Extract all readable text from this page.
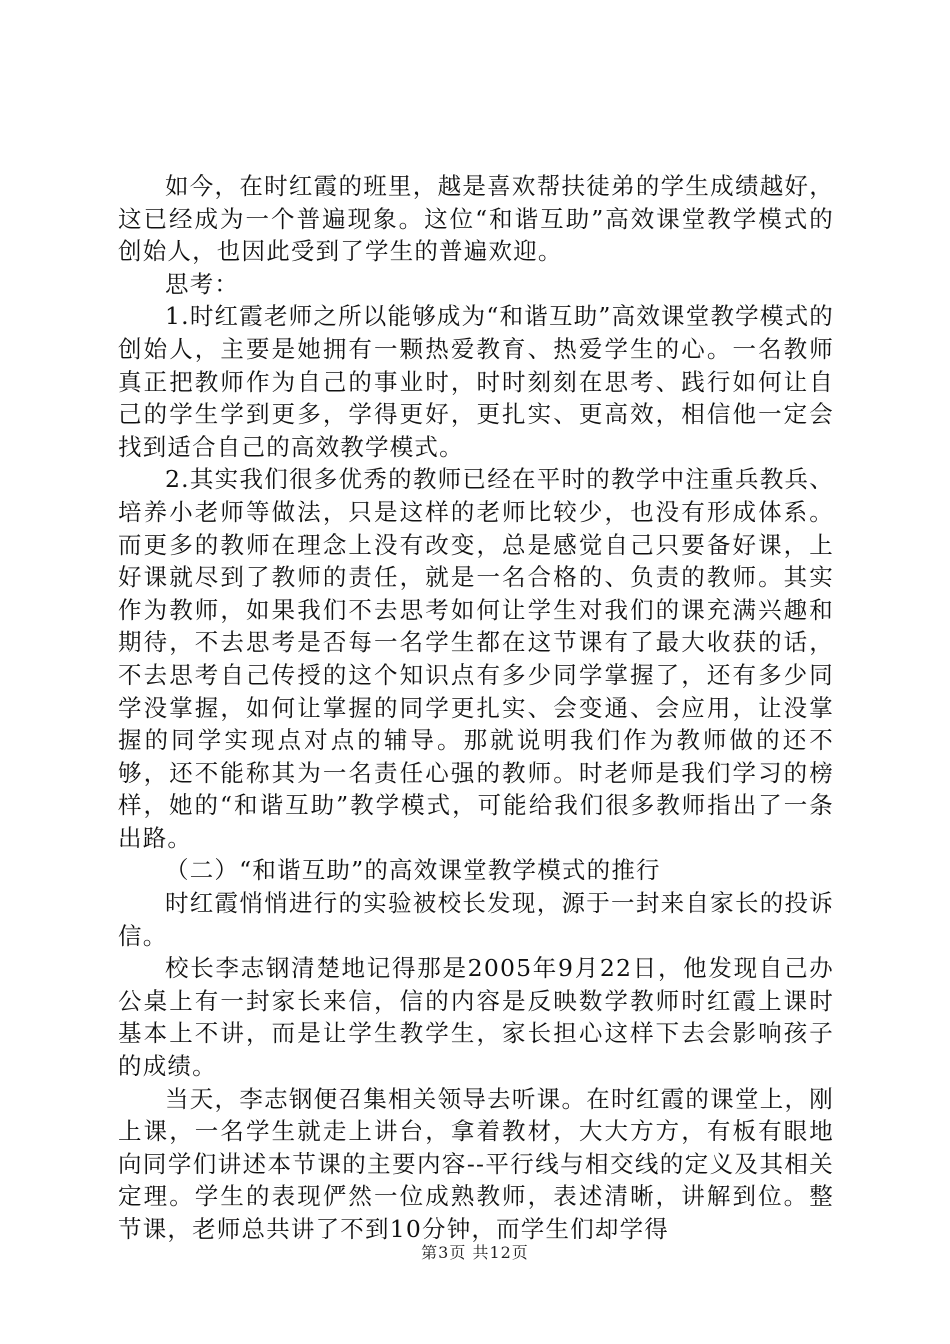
如今，在时红霞的班里，越是喜欢帮扶徒弟的学生成绩越好，这已经成为一个普遍现象。这位“和谐互助”高效课堂教学模式的创始人，也因此受到了学生的普遍欢迎。

思考：

1.时红霞老师之所以能够成为“和谐互助”高效课堂教学模式的创始人，主要是她拥有一颗热爱教育、热爱学生的心。一名教师真正把教师作为自己的事业时，时时刻刻在思考、践行如何让自己的学生学到更多，学得更好，更扎实、更高效，相信他一定会找到适合自己的高效教学模式。

2.其实我们很多优秀的教师已经在平时的教学中注重兵教兵、培养小老师等做法，只是这样的老师比较少，也没有形成体系。而更多的教师在理念上没有改变，总是感觉自己只要备好课，上好课就尽到了教师的责任，就是一名合格的、负责的教师。其实作为教师，如果我们不去思考如何让学生对我们的课充满兴趣和期待，不去思考是否每一名学生都在这节课有了最大收获的话，不去思考自己传授的这个知识点有多少同学掌握了，还有多少同学没掌握，如何让掌握的同学更扎实、会变通、会应用，让没掌握的同学实现点对点的辅导。那就说明我们作为教师做的还不够，还不能称其为一名责任心强的教师。时老师是我们学习的榜样，她的“和谐互助”教学模式，可能给我们很多教师指出了一条出路。

（二）“和谐互助”的高效课堂教学模式的推行

时红霞悄悄进行的实验被校长发现，源于一封来自家长的投诉信。

校长李志钢清楚地记得那是2005年9月22日，他发现自己办公桌上有一封家长来信，信的内容是反映数学教师时红霞上课时基本上不讲，而是让学生教学生，家长担心这样下去会影响孩子的成绩。

当天，李志钢便召集相关领导去听课。在时红霞的课堂上，刚上课，一名学生就走上讲台，拿着教材，大大方方，有板有眼地向同学们讲述本节课的主要内容--平行线与相交线的定义及其相关定理。学生的表现俨然一位成熟教师，表述清晰，讲解到位。整节课，老师总共讲了不到10分钟，而学生们却学得

第3页 共12页
